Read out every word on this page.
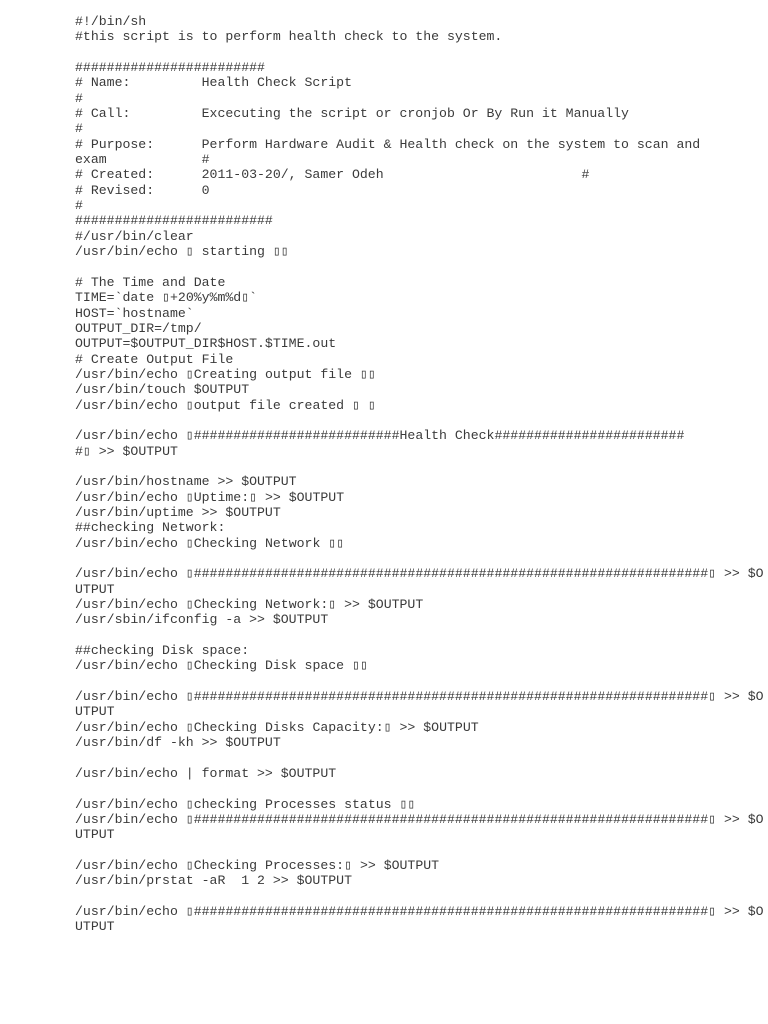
#!/bin/sh
#this script is to perform health check to the system.
########################
# Name:         Health Check Script
#
# Call:         Excecuting the script or cronjob Or By Run it Manually
#
# Purpose:      Perform Hardware Audit & Health check on the system to scan and
exam            #
# Created:      2011-03-20/, Samer Odeh                         #
# Revised:      0
#
#########################
#/usr/bin/clear
/usr/bin/echo ▯ starting ▯▯
# The Time and Date
TIME=`date ▯+20%y%m%d▯`
HOST=`hostname`
OUTPUT_DIR=/tmp/
OUTPUT=$OUTPUT_DIR$HOST.$TIME.out
# Create Output File
/usr/bin/echo ▯Creating output file ▯▯
/usr/bin/touch $OUTPUT
/usr/bin/echo ▯output file created ▯ ▯
/usr/bin/echo ▯##########################Health Check########################
#▯ >> $OUTPUT
/usr/bin/hostname >> $OUTPUT
/usr/bin/echo ▯Uptime:▯ >> $OUTPUT
/usr/bin/uptime >> $OUTPUT
##checking Network:
/usr/bin/echo ▯Checking Network ▯▯
/usr/bin/echo ▯#################################################################▯ >> $O
UTPUT
/usr/bin/echo ▯Checking Network:▯ >> $OUTPUT
/usr/sbin/ifconfig -a >> $OUTPUT
##checking Disk space:
/usr/bin/echo ▯Checking Disk space ▯▯
/usr/bin/echo ▯#################################################################▯ >> $O
UTPUT
/usr/bin/echo ▯Checking Disks Capacity:▯ >> $OUTPUT
/usr/bin/df -kh >> $OUTPUT
/usr/bin/echo | format >> $OUTPUT
/usr/bin/echo ▯checking Processes status ▯▯
/usr/bin/echo ▯#################################################################▯ >> $O
UTPUT
/usr/bin/echo ▯Checking Processes:▯ >> $OUTPUT
/usr/bin/prstat -aR  1 2 >> $OUTPUT
/usr/bin/echo ▯#################################################################▯ >> $O
UTPUT
